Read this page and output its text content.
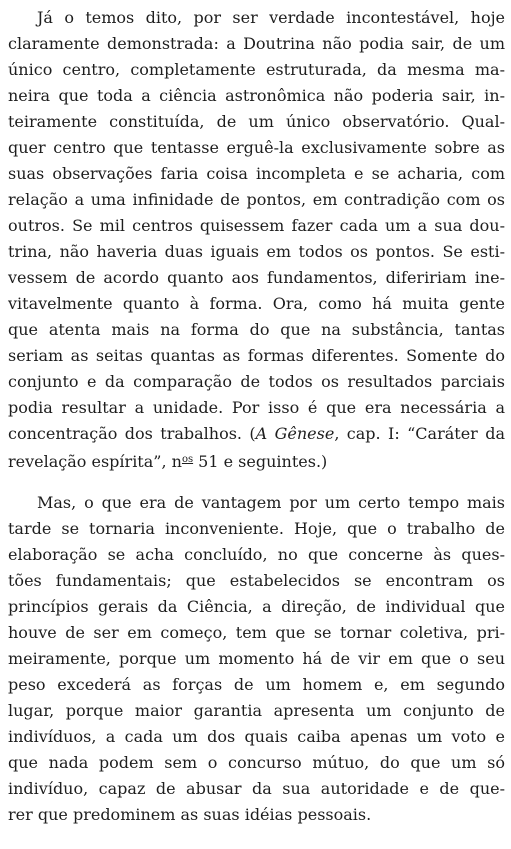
Já o temos dito, por ser verdade incontestável, hoje
claramente demonstrada: a Doutrina não podia sair, de um
único centro, completamente estruturada, da mesma ma-
neira que toda a ciência astronômica não poderia sair, in-
teiramente constituída, de um único observatório. Qual-
quer centro que tentasse erguê-la exclusivamente sobre as
suas observações faria coisa incompleta e se acharia, com
relação a uma infinidade de pontos, em contradição com os
outros. Se mil centros quisessem fazer cada um a sua dou-
trina, não haveria duas iguais em todos os pontos. Se esti-
vessem de acordo quanto aos fundamentos, difeririam ine-
vitavelmente quanto à forma. Ora, como há muita gente
que atenta mais na forma do que na substância, tantas
seriam as seitas quantas as formas diferentes. Somente do
conjunto e da comparação de todos os resultados parciais
podia resultar a unidade. Por isso é que era necessária a
concentração dos trabalhos. (A Gênese, cap. I: “Caráter da
revelação espírita”, $n^{os}$ 51 e seguintes.)
Mas, o que era de vantagem por um certo tempo mais
tarde se tornaria inconveniente. Hoje, que o trabalho de
elaboração se acha concluído, no que concerne às ques-
tões fundamentais; que estabelecidos se encontram os
princípios gerais da Ciência, a direção, de individual que
houve de ser em começo, tem que se tornar coletiva, pri-
meiramente, porque um momento há de vir em que o seu
peso excederá as forças de um homem e, em segundo
lugar, porque maior garantia apresenta um conjunto de
indivíduos, a cada um dos quais caiba apenas um voto e
que nada podem sem o concurso mútuo, do que um só
indivíduo, capaz de abusar da sua autoridade e de que-
rer que predominem as suas idéias pessoais.
